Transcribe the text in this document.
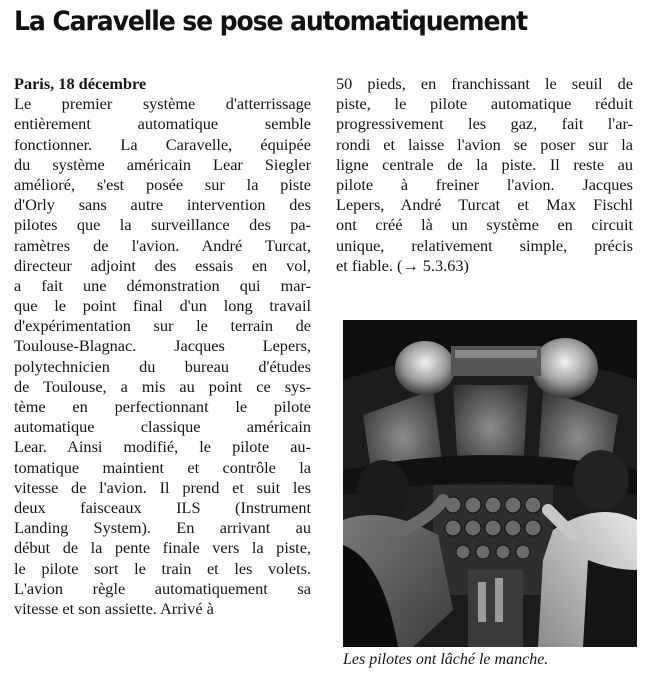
La Caravelle se pose automatiquement
Paris, 18 décembre
Le premier système d'atterrissage
entièrement automatique semble
fonctionner. La Caravelle, équipée
du système américain Lear Siegler
amélioré, s'est posée sur la piste
d'Orly sans autre intervention des
pilotes que la surveillance des pa-
ramètres de l'avion. André Turcat,
directeur adjoint des essais en vol,
a fait une démonstration qui mar-
que le point final d'un long travail
d'expérimentation sur le terrain de
Toulouse-Blagnac. Jacques Lepers,
polytechnicien du bureau d'études
de Toulouse, a mis au point ce sys-
tème en perfectionnant le pilote
automatique classique américain
Lear. Ainsi modifié, le pilote au-
tomatique maintient et contrôle la
vitesse de l'avion. Il prend et suit les
deux faisceaux ILS (Instrument
Landing System). En arrivant au
début de la pente finale vers la piste,
le pilote sort le train et les volets.
L'avion règle automatiquement sa
vitesse et son assiette. Arrivé à
50 pieds, en franchissant le seuil de
piste, le pilote automatique réduit
progressivement les gaz, fait l'ar-
rondi et laisse l'avion se poser sur la
ligne centrale de la piste. Il reste au
pilote à freiner l'avion. Jacques
Lepers, André Turcat et Max Fischl
ont créé là un système en circuit
unique, relativement simple, précis
et fiable. (→ 5.3.63)
Les pilotes ont lâché le manche.
